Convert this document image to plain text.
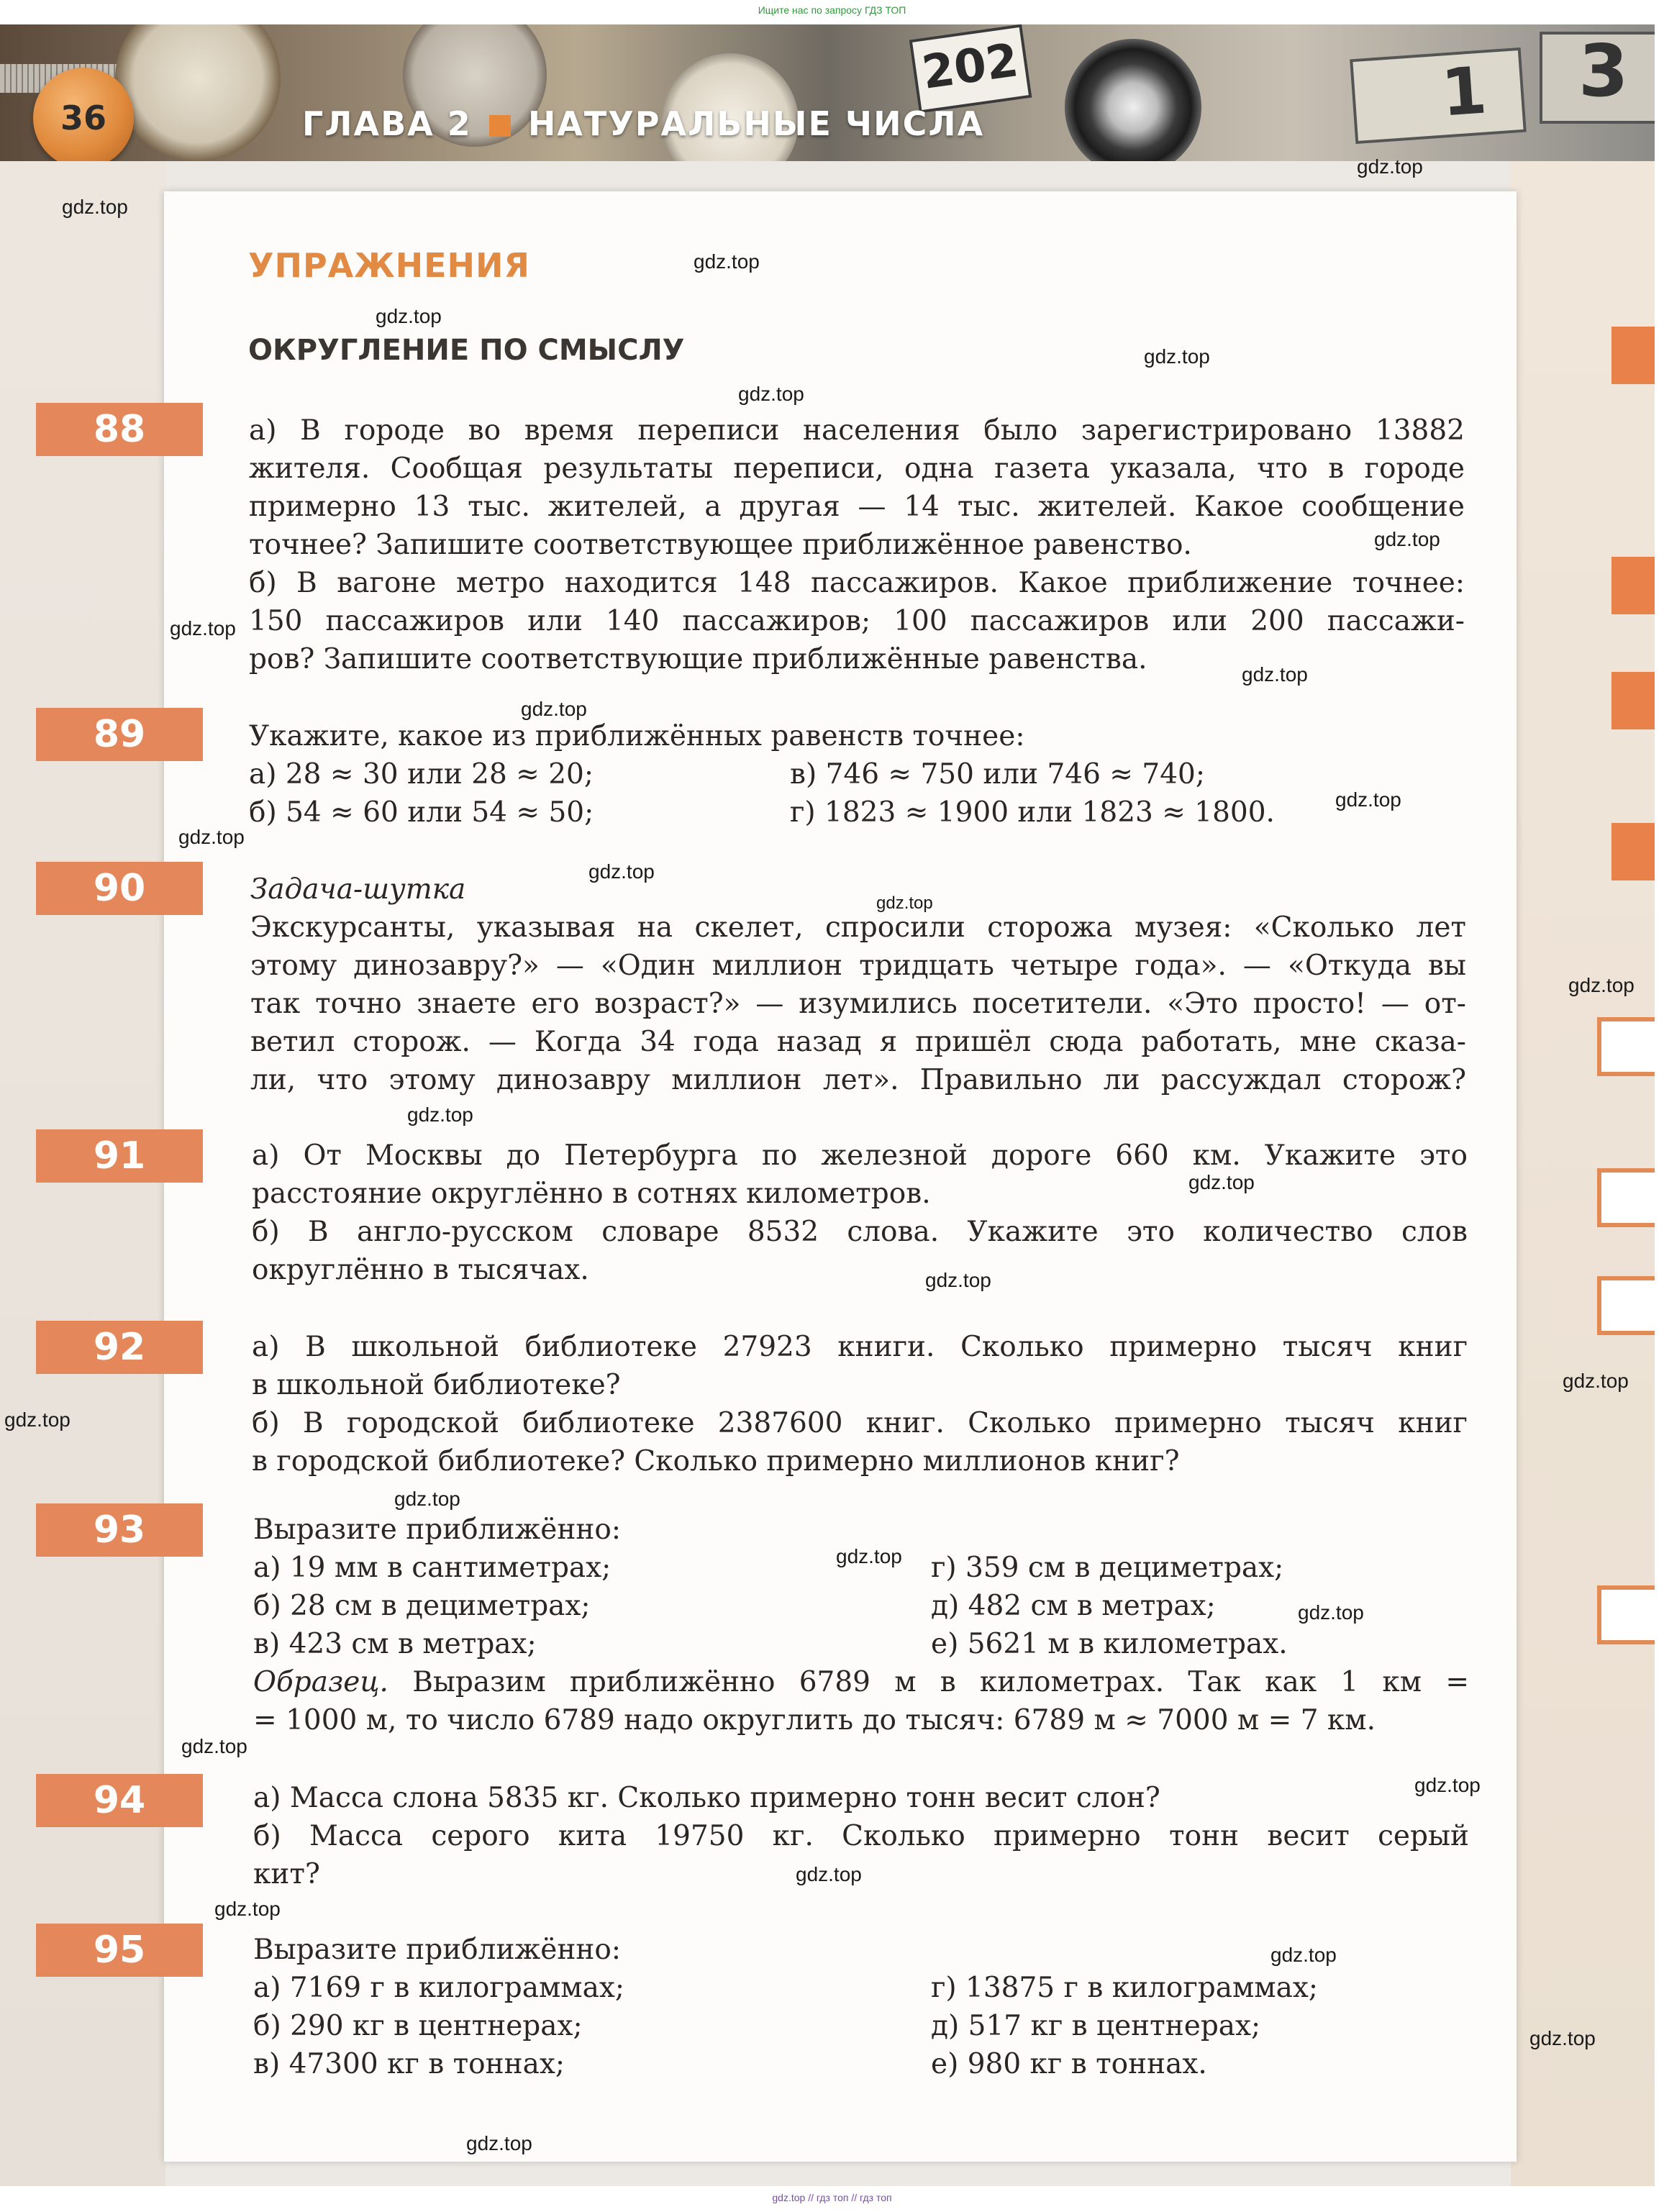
Ищите нас по запросу ГДЗ ТОП
202	1 3
36	ГЛАВА 2 НАТУРАЛЬНЫЕ ЧИСЛА
УПРАЖНЕНИЯ
ОКРУГЛЕНИЕ ПО СМЫСЛУ
88	а) В городе во время переписи населения было зарегистрировано 13882
жителя. Сообщая результаты переписи, одна газета указала, что в городе
примерно 13 тыс. жителей, а другая — 14 тыс. жителей. Какое сообщение
точнее? Запишите соответствующее приближённое равенство.
б) В вагоне метро находится 148 пассажиров. Какое приближение точнее:
150 пассажиров или 140 пассажиров; 100 пассажиров или 200 пассажи-
ров? Запишите соответствующие приближённые равенства.
89	Укажите, какое из приближённых равенств точнее:
а) 28 ≈ 30 или 28 ≈ 20;
б) 54 ≈ 60 или 54 ≈ 50;
в) 746 ≈ 750 или 746 ≈ 740;
г) 1823 ≈ 1900 или 1823 ≈ 1800.
90	Задача-шутка
Экскурсанты, указывая на скелет, спросили сторожа музея: «Сколько лет
этому динозавру?» — «Один миллион тридцать четыре года». — «Откуда вы
так точно знаете его возраст?» — изумились посетители. «Это просто! — от-
ветил сторож. — Когда 34 года назад я пришёл сюда работать, мне сказа-
ли, что этому динозавру миллион лет». Правильно ли рассуждал сторож?
91	а) От Москвы до Петербурга по железной дороге 660 км. Укажите это
расстояние округлённо в сотнях километров.
б) В англо-русском словаре 8532 слова. Укажите это количество слов
округлённо в тысячах.
92	а) В школьной библиотеке 27923 книги. Сколько примерно тысяч книг
в школьной библиотеке?
б) В городской библиотеке 2387600 книг. Сколько примерно тысяч книг
в городской библиотеке? Сколько примерно миллионов книг?
93	Выразите приближённо:
а) 19 мм в сантиметрах;
б) 28 см в дециметрах;
в) 423 см в метрах;
г) 359 см в дециметрах;
д) 482 см в метрах;
е) 5621 м в километрах.
Образец. Выразим приближённо 6789 м в километрах. Так как 1 км =
= 1000 м, то число 6789 надо округлить до тысяч: 6789 м ≈ 7000 м = 7 км.
94	а) Масса слона 5835 кг. Сколько примерно тонн весит слон?
б) Масса серого кита 19750 кг. Сколько примерно тонн весит серый
кит?
95	Выразите приближённо:
а) 7169 г в килограммах;
б) 290 кг в центнерах;
в) 47300 кг в тоннах;
г) 13875 г в килограммах;
д) 517 кг в центнерах;
е) 980 кг в тоннах.
gdz.top
gdz.top
gdz.top
gdz.top
gdz.top
gdz.top
gdz.top
gdz.top
gdz.top
gdz.top
gdz.top
gdz.top
gdz.top
gdz.top
gdz.top
gdz.top
gdz.top
gdz.top
gdz.top
gdz.top
gdz.top
gdz.top
gdz.top
gdz.top
gdz.top
gdz.top
gdz.top
gdz.top
gdz.top
gdz.top
gdz.top // гдз топ // гдз топ
